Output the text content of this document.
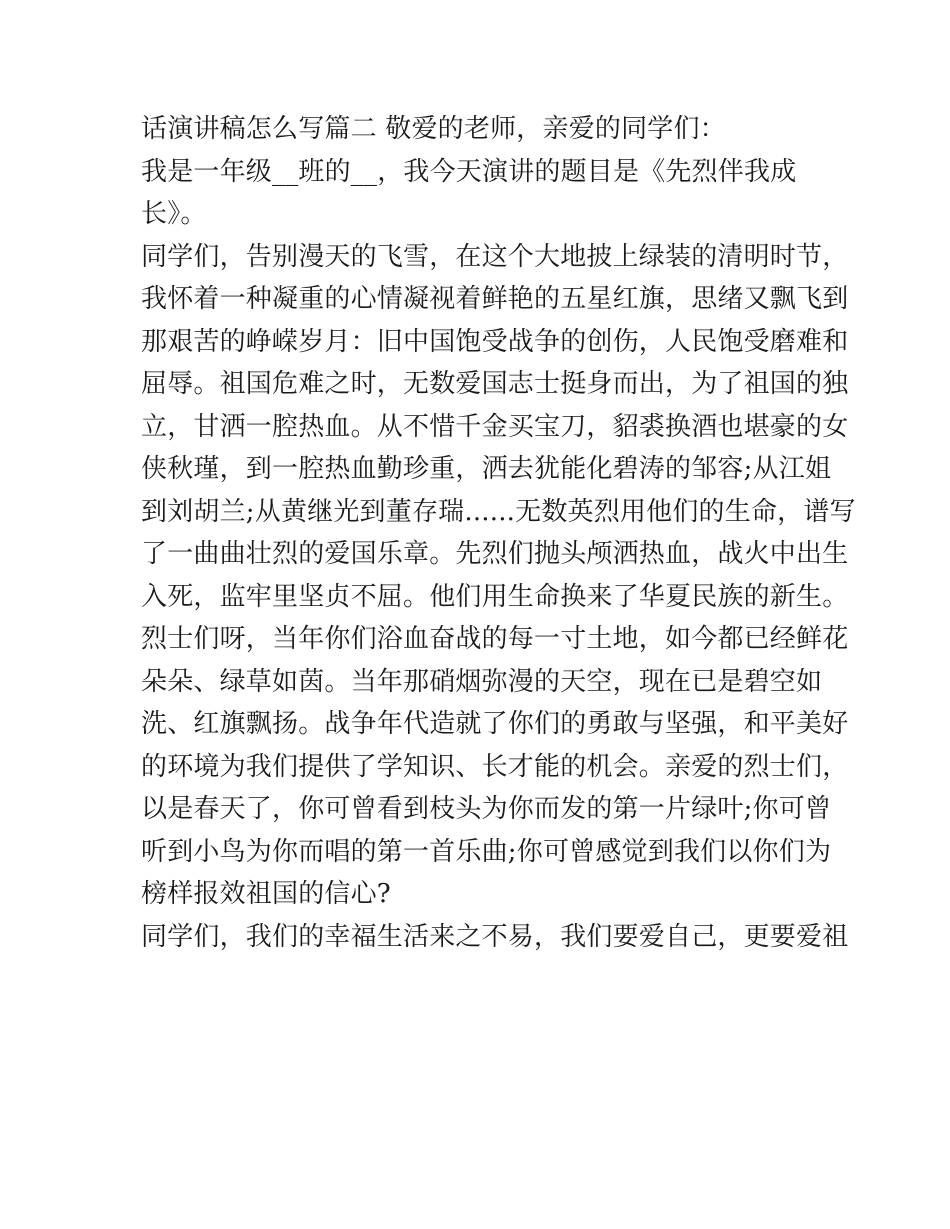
话演讲稿怎么写篇二 敬爱的老师，亲爱的同学们：
我是一年级__班的__，我今天演讲的题目是《先烈伴我成
长》。
同学们，告别漫天的飞雪，在这个大地披上绿装的清明时节，
我怀着一种凝重的心情凝视着鲜艳的五星红旗，思绪又飘飞到
那艰苦的峥嵘岁月：旧中国饱受战争的创伤，人民饱受磨难和
屈辱。祖国危难之时，无数爱国志士挺身而出，为了祖国的独
立，甘洒一腔热血。从不惜千金买宝刀，貂裘换酒也堪豪的女
侠秋瑾，到一腔热血勤珍重，洒去犹能化碧涛的邹容;从江姐
到刘胡兰;从黄继光到董存瑞......无数英烈用他们的生命，谱写
了一曲曲壮烈的爱国乐章。先烈们抛头颅洒热血，战火中出生
入死，监牢里坚贞不屈。他们用生命换来了华夏民族的新生。
烈士们呀，当年你们浴血奋战的每一寸土地，如今都已经鲜花
朵朵、绿草如茵。当年那硝烟弥漫的天空，现在已是碧空如
洗、红旗飘扬。战争年代造就了你们的勇敢与坚强，和平美好
的环境为我们提供了学知识、长才能的机会。亲爱的烈士们，
以是春天了，你可曾看到枝头为你而发的第一片绿叶;你可曾
听到小鸟为你而唱的第一首乐曲;你可曾感觉到我们以你们为
榜样报效祖国的信心?
同学们，我们的幸福生活来之不易，我们要爱自己，更要爱祖
